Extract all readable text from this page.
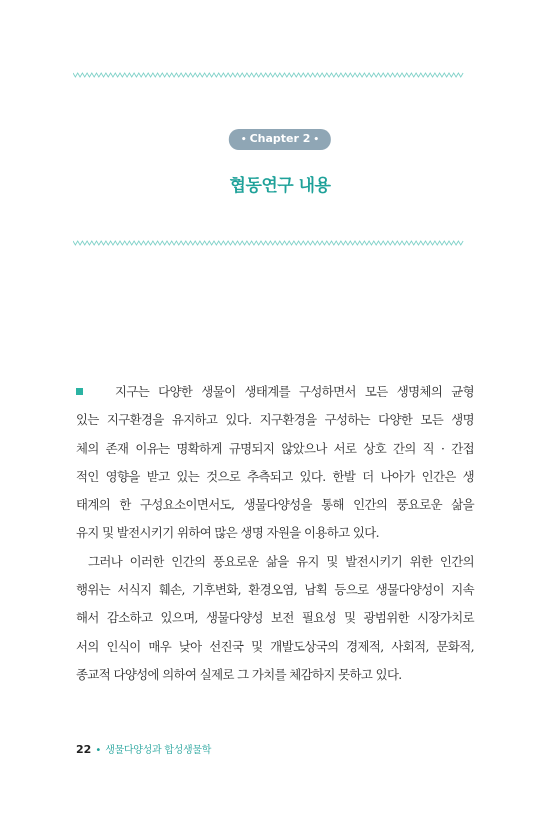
• Chapter 2 •
협동연구 내용
지구는 다양한 생물이 생태계를 구성하면서 모든 생명체의 균형
있는 지구환경을 유지하고 있다. 지구환경을 구성하는 다양한 모든 생명
체의 존재 이유는 명확하게 규명되지 않았으나 서로 상호 간의 직 · 간접
적인 영향을 받고 있는 것으로 추측되고 있다. 한발 더 나아가 인간은 생
태계의 한 구성요소이면서도, 생물다양성을 통해 인간의 풍요로운 삶을
유지 및 발전시키기 위하여 많은 생명 자원을 이용하고 있다.
그러나 이러한 인간의 풍요로운 삶을 유지 및 발전시키기 위한 인간의
행위는 서식지 훼손, 기후변화, 환경오염, 남획 등으로 생물다양성이 지속
해서 감소하고 있으며, 생물다양성 보전 필요성 및 광범위한 시장가치로
서의 인식이 매우 낮아 선진국 및 개발도상국의 경제적, 사회적, 문화적,
종교적 다양성에 의하여 실제로 그 가치를 체감하지 못하고 있다.
22 • 생물다양성과 합성생물학
